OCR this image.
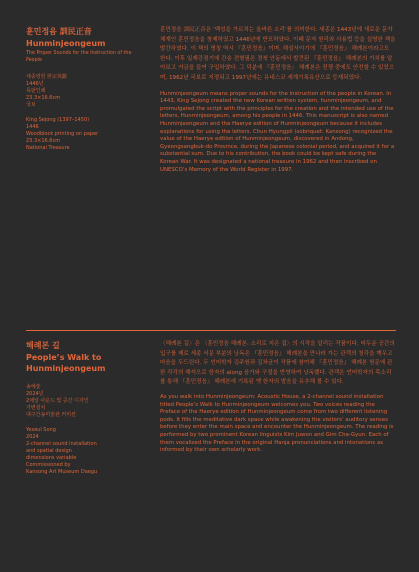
훈민정음 訓民正音
Hunminjeongeum
The Proper Sounds for the Instruction of the People
세종영헌 世宗英獻
1446년
목판인쇄
23.3×16.6cm
국보
King Sejong (1397–1450)
1446
Woodblock printing on paper
23.3×16.6cm
National Treasure
훈민정음 訓民正音은 ‘백성을 가르치는 올바른 소리’를 의미한다. 세종은 1443년에 새로운 문자체계인 훈민정음을 창제하였고 1446년에 반포하였다. 이때 문자 원리와 사용법 등을 설명한 책을 발간하였다. 이 책의 명칭 역시 『훈민정음』이며, 해설서이기에 『훈민정음』 해례본이라고도 한다. 이후 일제강점기에 간송 전형필은 경북 안동에서 발견된 『훈민정음』 해례본의 가치를 알아보고 거금을 들여 구입하였다. 그 덕분에 『훈민정음』 해례본은 전쟁 중에도 안전할 수 있었으며, 1962년 국보로 지정되고 1997년에는 유네스코 세계기록유산으로 등재되었다.
Hunminjeongeum means proper sounds for the instruction of the people in Korean. In 1443, King Sejong created the new Korean written system, hunminjeongeum, and promulgated the script with the principles for the creation and the intended use of the letters, Hunminjeongeum, among his people in 1446. This manuscript is also named Hunminjeongeum and the Haerye edition of Hunminjeongeum because it includes explanations for using the letters. Chun Hyungpil (sobriquet: Kansong) recognized the value of the Haerye edition of Hunminjeongeum, discovered in Andong, Gyeongsangbuk-do Province, during the Japanese colonial period, and acquired it for a substantial sum. Due to his contribution, the book could be kept safe during the Korean War. It was designated a national treasure in 1962 and then inscribed on UNESCO’s Memory of the World Register in 1997.
해례본 길
People’s Walk to Hunminjeongeum
송예술
2024년
2채널 사운드 및 공간 디자인
가변설치
대구간송미술관 커미션
Yeseul Song
2024
2-channel sound installation
and spatial design
dimensions variable
Commissioned by
Kansong Art Museum Daegu
〈해례본 길〉은 〈훈민정음 해례본: 소리로 지은 집〉의 시작을 알리는 작품이다. 어두운 공간의 입구를 제로 세종 서문 부분의 낭독은 『훈민정음』 해례본을 만나러 가는 관객의 청각을 깨우고 마음을 두드린다. 두 언어학자 김주원과 김차균이 작품에 참여해 『훈민정음』 해례본 원문에 관한 각각의 해석으로 한자의 along 음가와 구절을 반영하여 낭독했다. 관객은 언어학자의 목소리를 통해 『훈민정음』 해례본에 기록된 옛 한자의 발음을 유추해 볼 수 있다.
As you walk into Hunminjeongeum: Acoustic House, a 2-channel sound installation titled People’s Walk to Hunminjeongeum welcomes you. Two voices reading the Preface of the Haerye edition of Hunminjeongeum come from two different listening pods. It fills the meditative dark space while awakening the visitors’ auditory senses before they enter the main space and encounter the Hunminjeongeum. The reading is performed by two prominent Korean linguists Kim Juwon and Gim Cha-Gyun. Each of them vocalized the Preface in the original Hanja pronunciations and intonations as informed by their own scholarly work.
